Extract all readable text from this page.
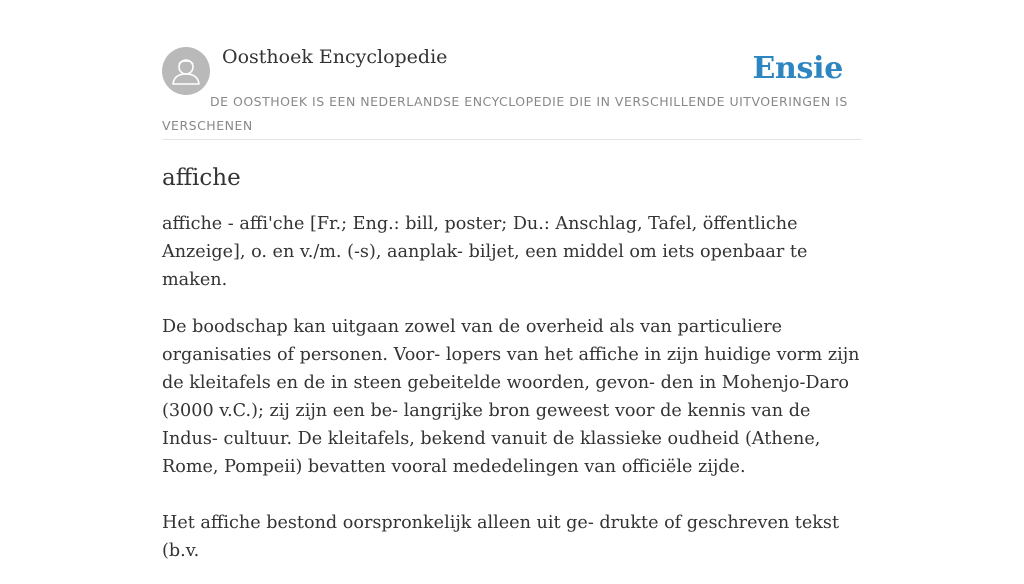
Oosthoek Encyclopedie	Ensie

DE OOSTHOEK IS EEN NEDERLANDSE ENCYCLOPEDIE DIE IN VERSCHILLENDE UITVOERINGEN IS VERSCHENEN

affiche

affiche - affi'che [Fr.; Eng.: bill, poster; Du.: Anschlag, Tafel, öffentliche Anzeige], o. en v./m. (-s), aanplak- biljet, een middel om iets openbaar te maken.

De boodschap kan uitgaan zowel van de overheid als van particuliere organisaties of personen. Voor- lopers van het affiche in zijn huidige vorm zijn de kleitafels en de in steen gebeitelde woorden, gevon- den in Mohenjo-Daro (3000 v.C.); zij zijn een be- langrijke bron geweest voor de kennis van de Indus- cultuur. De kleitafels, bekend vanuit de klassieke oudheid (Athene, Rome, Pompeii) bevatten vooral mededelingen van officiële zijde.

Het affiche bestond oorspronkelijk alleen uit ge- drukte of geschreven tekst (b.v.
